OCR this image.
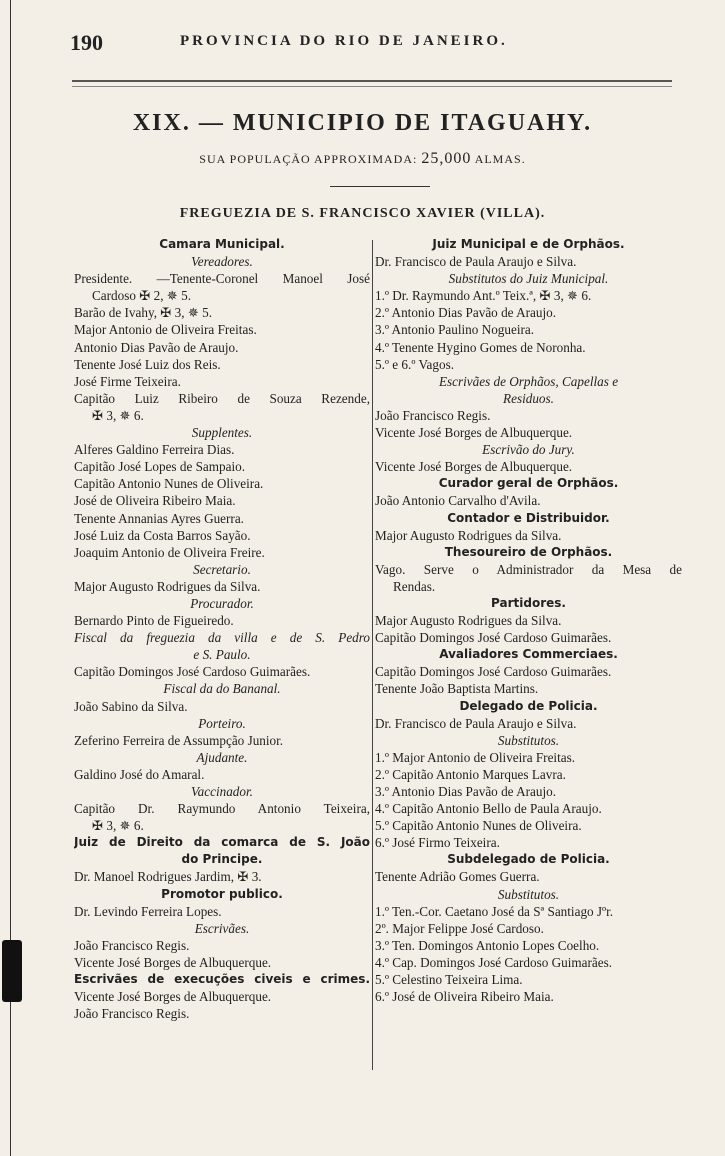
190	PROVINCIA DO RIO DE JANEIRO.
XIX. — MUNICIPIO DE ITAGUAHY.
SUA POPULAÇÃO APPROXIMADA: 25,000 ALMAS.
FREGUEZIA DE S. FRANCISCO XAVIER (VILLA).
Camara Municipal.
Vereadores.
Presidente. —Tenente-Coronel Manoel José
Cardoso ✠ 2, ✵ 5.
Barão de Ivahy, ✠ 3, ✵ 5.
Major Antonio de Oliveira Freitas.
Antonio Dias Pavão de Araujo.
Tenente José Luiz dos Reis.
José Firme Teixeira.
Capitão Luiz Ribeiro de Souza Rezende,
✠ 3, ✵ 6.
Supplentes.
Alferes Galdino Ferreira Dias.
Capitão José Lopes de Sampaio.
Capitão Antonio Nunes de Oliveira.
José de Oliveira Ribeiro Maia.
Tenente Annanias Ayres Guerra.
José Luiz da Costa Barros Sayão.
Joaquim Antonio de Oliveira Freire.
Secretario.
Major Augusto Rodrigues da Silva.
Procurador.
Bernardo Pinto de Figueiredo.
Fiscal da freguezia da villa e de S. Pedro
e S. Paulo.
Capitão Domingos José Cardoso Guimarães.
Fiscal da do Bananal.
João Sabino da Silva.
Porteiro.
Zeferino Ferreira de Assumpção Junior.
Ajudante.
Galdino José do Amaral.
Vaccinador.
Capitão Dr. Raymundo Antonio Teixeira,
✠ 3, ✵ 6.
Juiz de Direito da comarca de S. João
do Principe.
Dr. Manoel Rodrigues Jardim, ✠ 3.
Promotor publico.
Dr. Levindo Ferreira Lopes.
Escrivães.
João Francisco Regis.
Vicente José Borges de Albuquerque.
Escrivães de execuções civeis e crimes.
Vicente José Borges de Albuquerque.
João Francisco Regis.
Juiz Municipal e de Orphãos.
Dr. Francisco de Paula Araujo e Silva.
Substitutos do Juiz Municipal.
1.º Dr. Raymundo Ant.º Teix.ª, ✠ 3, ✵ 6.
2.º Antonio Dias Pavão de Araujo.
3.º Antonio Paulino Nogueira.
4.º Tenente Hygino Gomes de Noronha.
5.º e 6.º Vagos.
Escrivães de Orphãos, Capellas e
Residuos.
João Francisco Regis.
Vicente José Borges de Albuquerque.
Escrivão do Jury.
Vicente José Borges de Albuquerque.
Curador geral de Orphãos.
João Antonio Carvalho d'Avila.
Contador e Distribuidor.
Major Augusto Rodrigues da Silva.
Thesoureiro de Orphãos.
Vago. Serve o Administrador da Mesa de
Rendas.
Partidores.
Major Augusto Rodrigues da Silva.
Capitão Domingos José Cardoso Guimarães.
Avaliadores Commerciaes.
Capitão Domingos José Cardoso Guimarães.
Tenente João Baptista Martins.
Delegado de Policia.
Dr. Francisco de Paula Araujo e Silva.
Substitutos.
1.º Major Antonio de Oliveira Freitas.
2.º Capitão Antonio Marques Lavra.
3.º Antonio Dias Pavão de Araujo.
4.º Capitão Antonio Bello de Paula Araujo.
5.º Capitão Antonio Nunes de Oliveira.
6.º José Firmo Teixeira.
Subdelegado de Policia.
Tenente Adrião Gomes Guerra.
Substitutos.
1.º Ten.-Cor. Caetano José da Sª Santiago Jºr.
2º. Major Felippe José Cardoso.
3.º Ten. Domingos Antonio Lopes Coelho.
4.º Cap. Domingos José Cardoso Guimarães.
5.º Celestino Teixeira Lima.
6.º José de Oliveira Ribeiro Maia.
